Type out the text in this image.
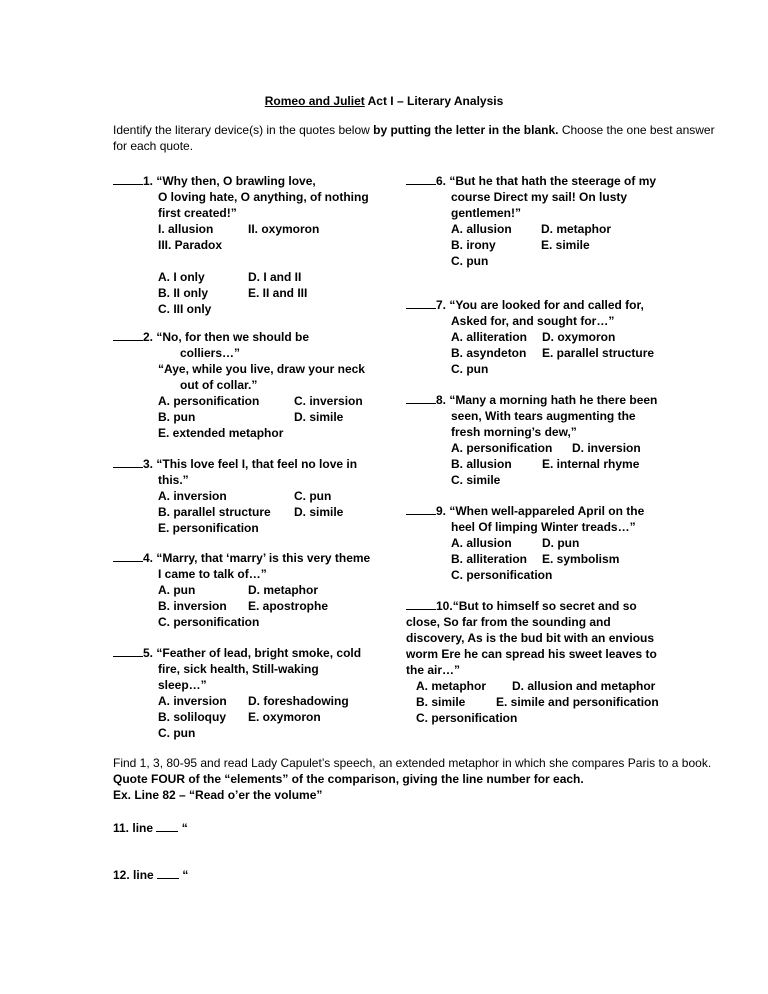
Romeo and Juliet Act I – Literary Analysis
Identify the literary device(s) in the quotes below by putting the letter in the blank. Choose the one best answer for each quote.
1. “Why then, O brawling love,
O loving hate, O anything, of nothing
first created!”
I. allusion	II. oxymoron
III. Paradox
A. I only	D. I and II
B. II only	E. II and III
C. III only
2. “No, for then we should be
colliers…”
“Aye, while you live, draw your neck
out of collar.”
A. personification	C. inversion
B. pun	D. simile
E. extended metaphor
3. “This love feel I, that feel no love in
this.”
A. inversion	C. pun
B. parallel structure D. simile
E. personification
4. “Marry, that ‘marry’ is this very theme
I came to talk of…”
A. pun	D. metaphor
B. inversion E. apostrophe
C. personification
5. “Feather of lead, bright smoke, cold
fire, sick health, Still-waking
sleep…”
A. inversion D. foreshadowing
B. soliloquy E. oxymoron
C. pun
6. “But he that hath the steerage of my
course Direct my sail! On lusty
gentlemen!”
A. allusion D. metaphor
B. irony	E. simile
C. pun
7. “You are looked for and called for,
Asked for, and sought for…”
A. alliteration D. oxymoron
B. asyndeton E. parallel structure
C. pun
8. “Many a morning hath he there been
seen, With tears augmenting the
fresh morning’s dew,”
A. personification D. inversion
B. allusion	E. internal rhyme
C. simile
9. “When well-appareled April on the
heel Of limping Winter treads…”
A. allusion	D. pun
B. alliteration E. symbolism
C. personification
10.“But to himself so secret and so
close, So far from the sounding and
discovery, As is the bud bit with an envious
worm Ere he can spread his sweet leaves to
the air…”
A. metaphor D. allusion and metaphor
B. simile	E. simile and personification
C. personification
Find 1, 3, 80-95 and read Lady Capulet’s speech, an extended metaphor in which she compares Paris to a book. Quote FOUR of the “elements” of the comparison, giving the line number for each.
Ex. Line 82 – “Read o’er the volume”
11. line “
12. line “
